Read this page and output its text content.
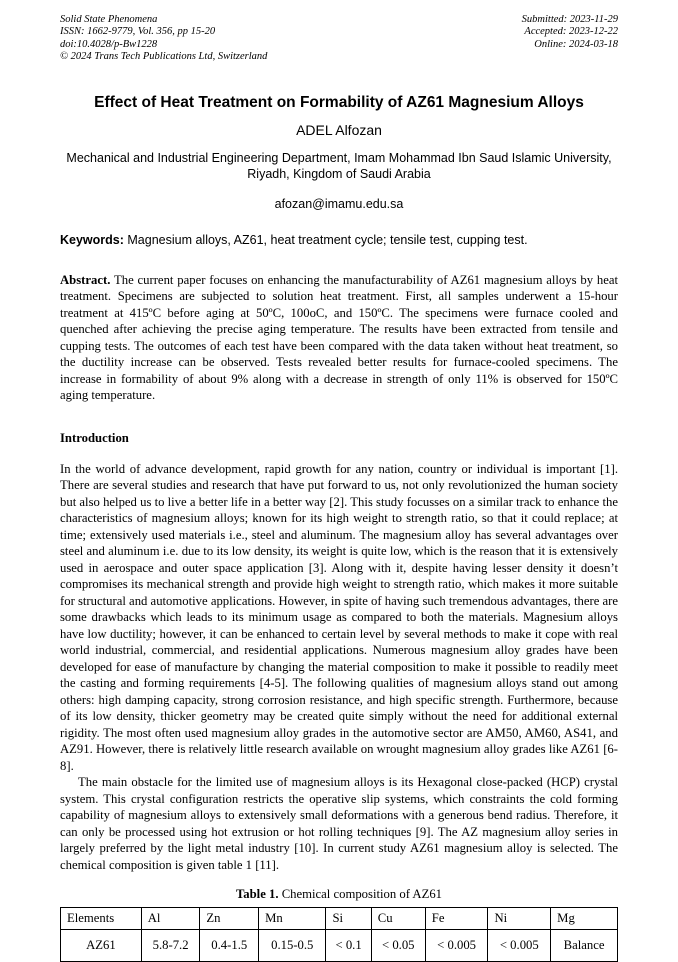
Solid State Phenomena
ISSN: 1662-9779, Vol. 356, pp 15-20
doi:10.4028/p-Bw1228
© 2024 Trans Tech Publications Ltd, Switzerland
Submitted: 2023-11-29
Accepted: 2023-12-22
Online: 2024-03-18
Effect of Heat Treatment on Formability of AZ61 Magnesium Alloys
ADEL Alfozan
Mechanical and Industrial Engineering Department, Imam Mohammad Ibn Saud Islamic University, Riyadh, Kingdom of Saudi Arabia
afozan@imamu.edu.sa
Keywords: Magnesium alloys, AZ61, heat treatment cycle; tensile test, cupping test.
Abstract. The current paper focuses on enhancing the manufacturability of AZ61 magnesium alloys by heat treatment. Specimens are subjected to solution heat treatment. First, all samples underwent a 15-hour treatment at 415ºC before aging at 50ºC, 100oC, and 150ºC. The specimens were furnace cooled and quenched after achieving the precise aging temperature. The results have been extracted from tensile and cupping tests. The outcomes of each test have been compared with the data taken without heat treatment, so the ductility increase can be observed. Tests revealed better results for furnace-cooled specimens. The increase in formability of about 9% along with a decrease in strength of only 11% is observed for 150ºC aging temperature.
Introduction
In the world of advance development, rapid growth for any nation, country or individual is important [1]. There are several studies and research that have put forward to us, not only revolutionized the human society but also helped us to live a better life in a better way [2]. This study focusses on a similar track to enhance the characteristics of magnesium alloys; known for its high weight to strength ratio, so that it could replace; at time; extensively used materials i.e., steel and aluminum. The magnesium alloy has several advantages over steel and aluminum i.e. due to its low density, its weight is quite low, which is the reason that it is extensively used in aerospace and outer space application [3]. Along with it, despite having lesser density it doesn’t compromises its mechanical strength and provide high weight to strength ratio, which makes it more suitable for structural and automotive applications. However, in spite of having such tremendous advantages, there are some drawbacks which leads to its minimum usage as compared to both the materials. Magnesium alloys have low ductility; however, it can be enhanced to certain level by several methods to make it cope with real world industrial, commercial, and residential applications. Numerous magnesium alloy grades have been developed for ease of manufacture by changing the material composition to make it possible to readily meet the casting and forming requirements [4-5]. The following qualities of magnesium alloys stand out among others: high damping capacity, strong corrosion resistance, and high specific strength. Furthermore, because of its low density, thicker geometry may be created quite simply without the need for additional external rigidity. The most often used magnesium alloy grades in the automotive sector are AM50, AM60, AS41, and AZ91. However, there is relatively little research available on wrought magnesium alloy grades like AZ61 [6-8].
The main obstacle for the limited use of magnesium alloys is its Hexagonal close-packed (HCP) crystal system. This crystal configuration restricts the operative slip systems, which constraints the cold forming capability of magnesium alloys to extensively small deformations with a generous bend radius. Therefore, it can only be processed using hot extrusion or hot rolling techniques [9]. The AZ magnesium alloy series in largely preferred by the light metal industry [10]. In current study AZ61 magnesium alloy is selected. The chemical composition is given table 1 [11].
Table 1. Chemical composition of AZ61
Elements	Al	Zn	Mn	Si	Cu	Fe	Ni	Mg
AZ61	5.8-7.2	0.4-1.5	0.15-0.5	< 0.1	< 0.05	< 0.005	< 0.005	Balance
